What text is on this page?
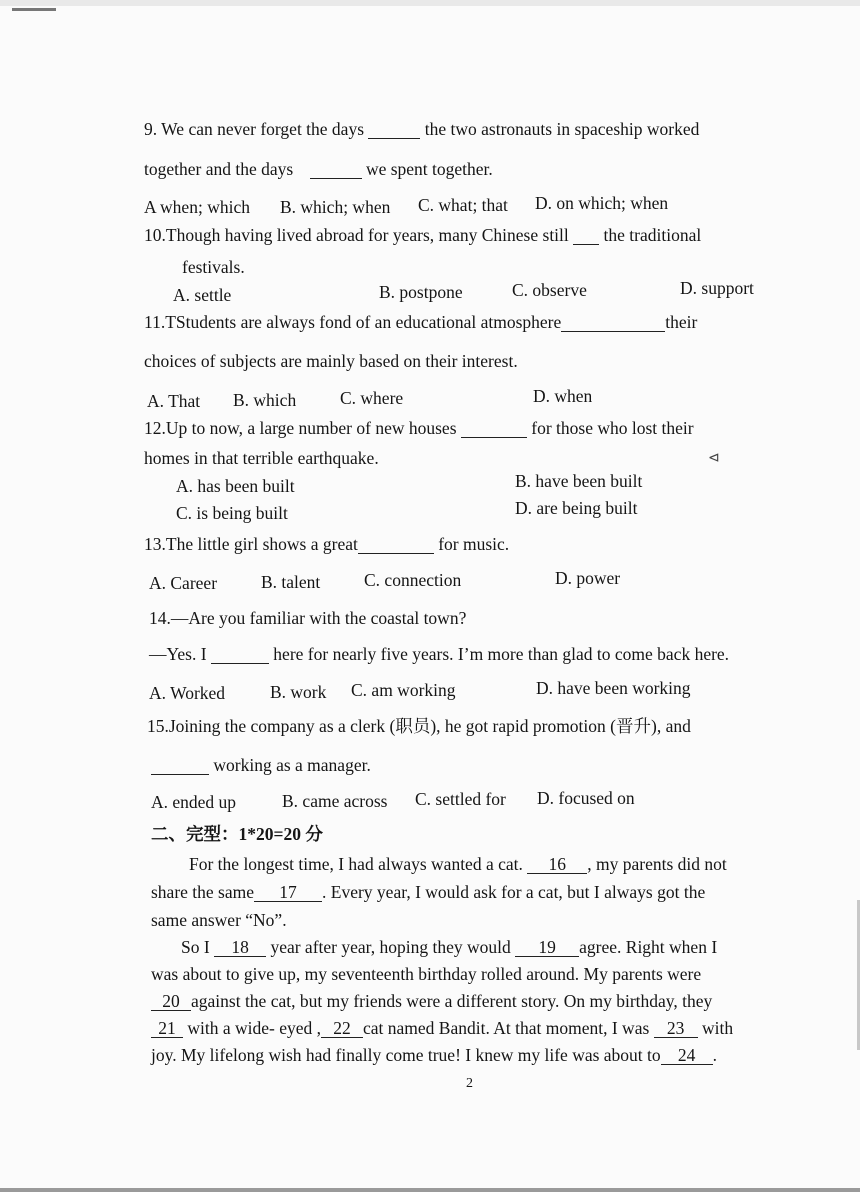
9. We can never forget the days	the two astronauts in spaceship worked
together and the days	we spent together.
A when; which B. which; when C. what; that D. on which; when
10.Though having lived abroad for years, many Chinese still   the traditional
festivals.
A. settle	B. postpone	C. observe	D. support
11.TStudents are always fond of an educational atmosphere	their
choices of subjects are mainly based on their interest.
A. That B. which	C. where	D. when
12.Up to now, a large number of new houses	for those who lost their
homes in that terrible earthquake.	⊲
A. has been built	B. have been built
C. is being built	D. are being built
13.The little girl shows a great	for music.
A. Career	B. talent C. connection	D. power
14.—Are you familiar with the coastal town?
—Yes. I	here for nearly five years. I’m more than glad to come back here.
A. Worked	B. work C. am working	D. have been working
15.Joining the company as a clerk (职员), he got rapid promotion (晋升), and
working as a manager.
A. ended up	B. came across C. settled for D. focused on
二、完型：1*20=20 分
For the longest time, I had always wanted a cat. 16 , my parents did not
share the same 17 . Every year, I would ask for a cat, but I always got the
same answer “No”.
So I 18 year after year, hoping they would 19 agree. Right when I
was about to give up, my seventeenth birthday rolled around. My parents were
20 against the cat, but my friends were a different story. On my birthday, they
21 with a wide- eyed , 22 cat named Bandit. At that moment, I was 23 with
joy. My lifelong wish had finally come true! I knew my life was about to 24 .
2
